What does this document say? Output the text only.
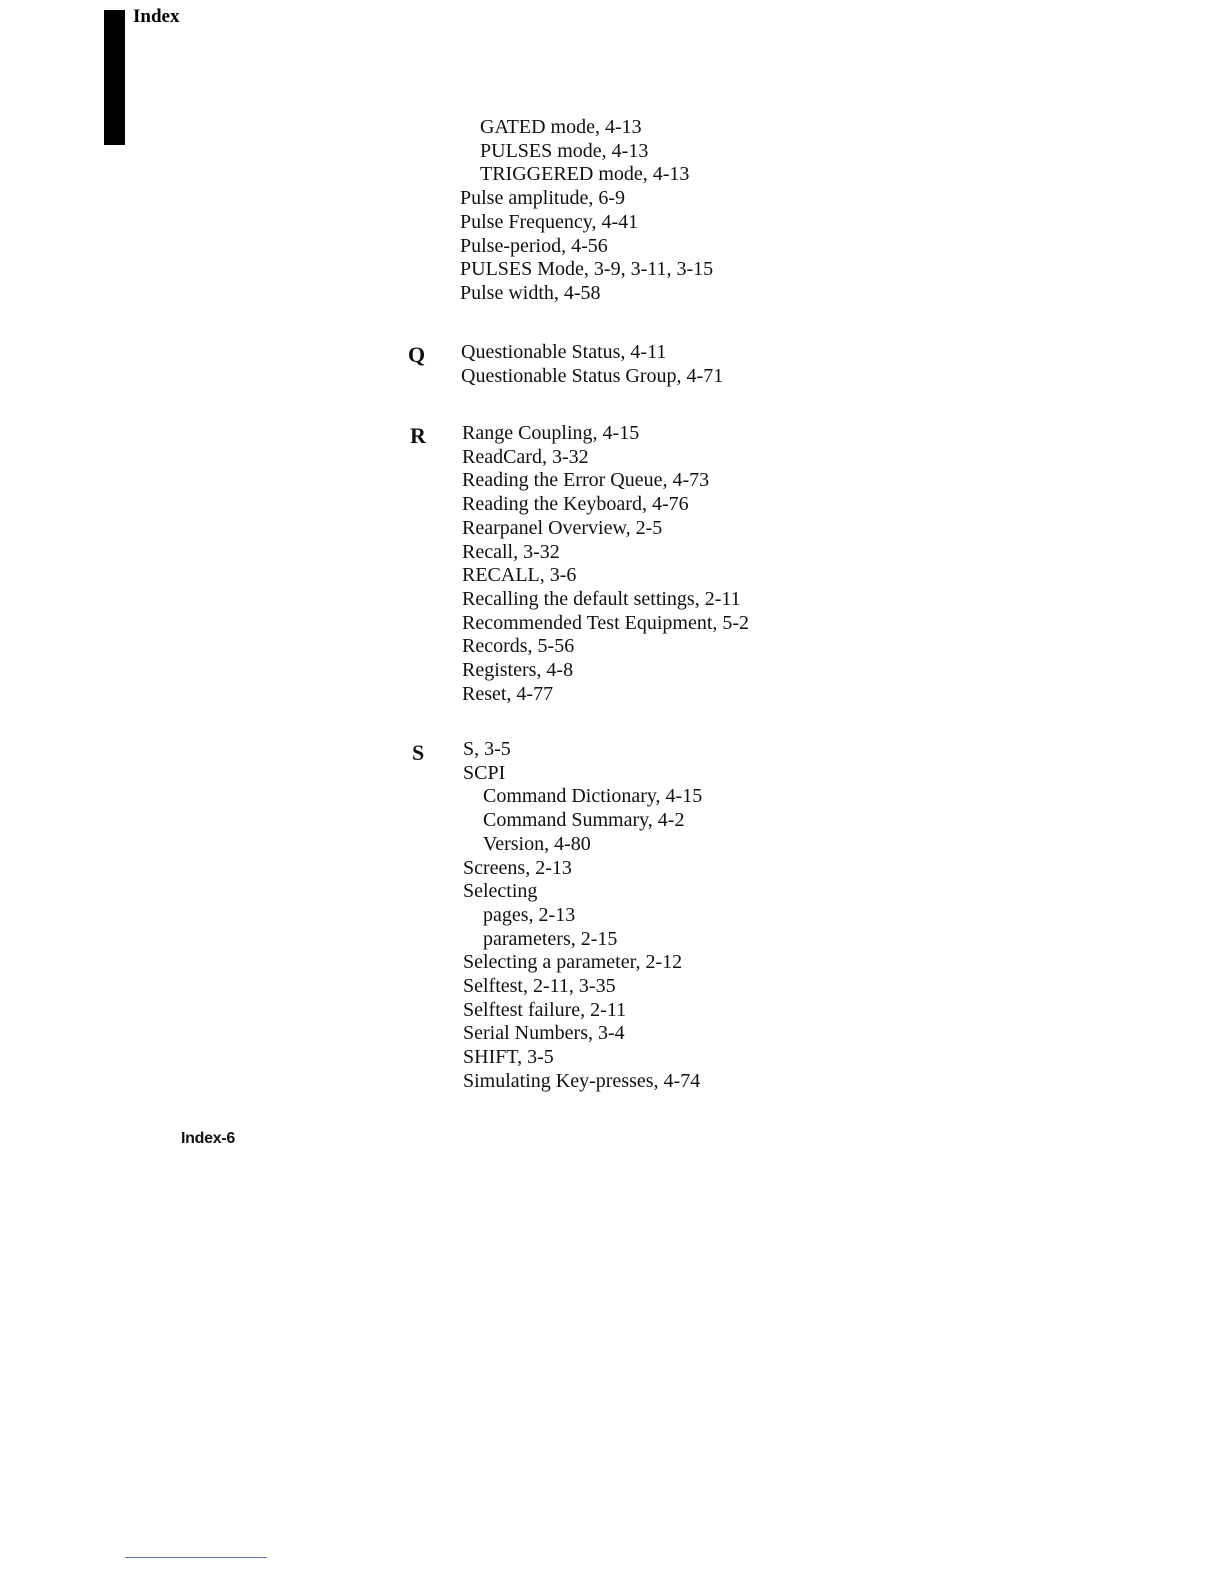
Index
GATED mode, 4-13
PULSES mode, 4-13
TRIGGERED mode, 4-13
Pulse amplitude, 6-9
Pulse Frequency, 4-41
Pulse-period, 4-56
PULSES Mode, 3-9, 3-11, 3-15
Pulse width, 4-58
Q Questionable Status, 4-11
Questionable Status Group, 4-71
R Range Coupling, 4-15
ReadCard, 3-32
Reading the Error Queue, 4-73
Reading the Keyboard, 4-76
Rearpanel Overview, 2-5
Recall, 3-32
RECALL, 3-6
Recalling the default settings, 2-11
Recommended Test Equipment, 5-2
Records, 5-56
Registers, 4-8
Reset, 4-77
S S, 3-5
SCPI
Command Dictionary, 4-15
Command Summary, 4-2
Version, 4-80
Screens, 2-13
Selecting
pages, 2-13
parameters, 2-15
Selecting a parameter, 2-12
Selftest, 2-11, 3-35
Selftest failure, 2-11
Serial Numbers, 3-4
SHIFT, 3-5
Simulating Key-presses, 4-74
Index-6
